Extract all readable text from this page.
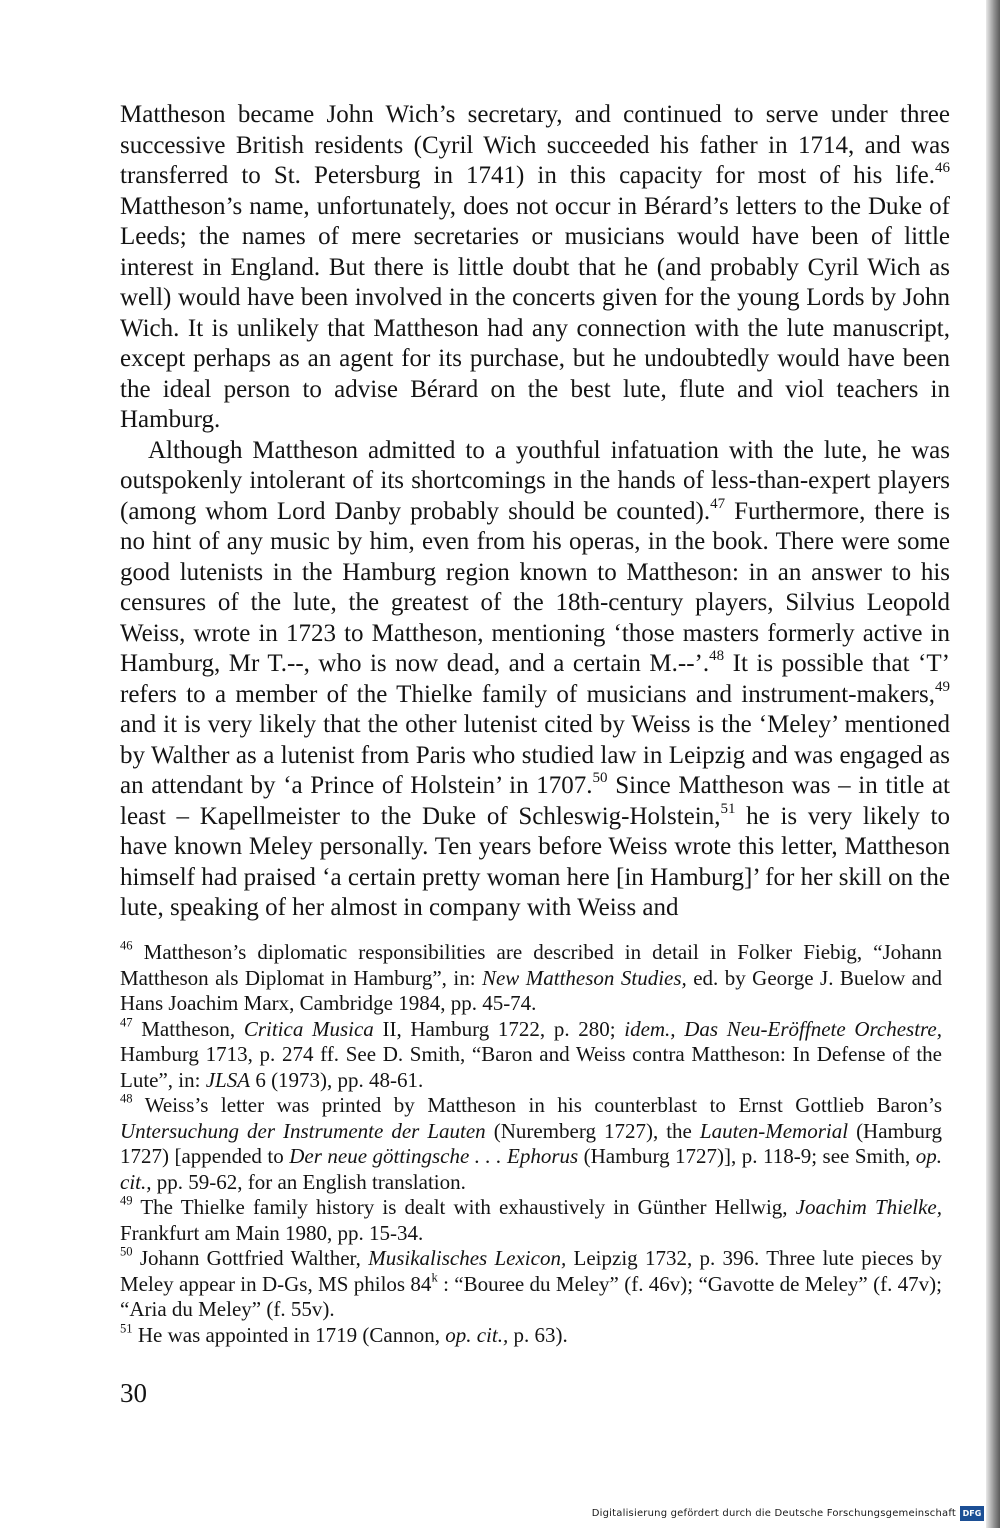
Mattheson became John Wich’s secretary, and continued to serve under three successive British residents (Cyril Wich succeeded his father in 1714, and was transferred to St. Petersburg in 1741) in this capacity for most of his life.$^{46}$ Mattheson’s name, unfortunately, does not occur in Bérard’s letters to the Duke of Leeds; the names of mere secretaries or musicians would have been of little interest in England. But there is little doubt that he (and probably Cyril Wich as well) would have been involved in the concerts given for the young Lords by John Wich. It is unlikely that Mattheson had any connection with the lute manuscript, except perhaps as an agent for its purchase, but he undoubtedly would have been the ideal person to advise Bérard on the best lute, flute and viol teachers in Hamburg.

Although Mattheson admitted to a youthful infatuation with the lute, he was outspokenly intolerant of its shortcomings in the hands of less-than-expert players (among whom Lord Danby probably should be counted).$^{47}$ Furthermore, there is no hint of any music by him, even from his operas, in the book. There were some good lutenists in the Hamburg region known to Mattheson: in an answer to his censures of the lute, the greatest of the 18th-century players, Silvius Leopold Weiss, wrote in 1723 to Mattheson, mentioning ‘those masters formerly active in Hamburg, Mr T.--, who is now dead, and a certain M.--’.$^{48}$ It is possible that ‘T’ refers to a member of the Thielke family of musicians and instrument-makers,$^{49}$ and it is very likely that the other lutenist cited by Weiss is the ‘Meley’ mentioned by Walther as a lutenist from Paris who studied law in Leipzig and was engaged as an attendant by ‘a Prince of Holstein’ in 1707.50 Since Mattheson was – in title at least – Kapellmeister to the Duke of Schleswig-Holstein,$^{51}$ he is very likely to have known Meley personally. Ten years before Weiss wrote this letter, Mattheson himself had praised ‘a certain pretty woman here [in Hamburg]’ for her skill on the lute, speaking of her almost in company with Weiss and

$^{46}$ Mattheson’s diplomatic responsibilities are described in detail in Folker Fiebig, “Johann Mattheson als Diplomat in Hamburg”, in: New Mattheson Studies, ed. by George J. Buelow and Hans Joachim Marx, Cambridge 1984, pp. 45-74.

$^{47}$ Mattheson, Critica Musica II, Hamburg 1722, p. 280; idem., Das Neu-Eröffnete Orchestre, Hamburg 1713, p. 274 ff. See D. Smith, “Baron and Weiss contra Mattheson: In Defense of the Lute”, in: JLSA 6 (1973), pp. 48-61.

$^{48}$ Weiss’s letter was printed by Mattheson in his counterblast to Ernst Gottlieb Baron’s Untersuchung der Instrumente der Lauten (Nuremberg 1727), the Lauten-Memorial (Hamburg 1727) [appended to Der neue göttingsche . . . Ephorus (Hamburg 1727)], p. 118-9; see Smith, op. cit., pp. 59-62, for an English translation.

$^{49}$ The Thielke family history is dealt with exhaustively in Günther Hellwig, Joachim Thielke, Frankfurt am Main 1980, pp. 15-34.

$^{50}$ Johann Gottfried Walther, Musikalisches Lexicon, Leipzig 1732, p. 396. Three lute pieces by Meley appear in D-Gs, MS philos 84$^k$ : “Bouree du Meley” (f. 46v); “Gavotte de Meley” (f. 47v); “Aria du Meley” (f. 55v).

$^{51}$ He was appointed in 1719 (Cannon, op. cit., p. 63).

30
Digitalisierung gefördert durch die Deutsche Forschungsgemeinschaft DFG
